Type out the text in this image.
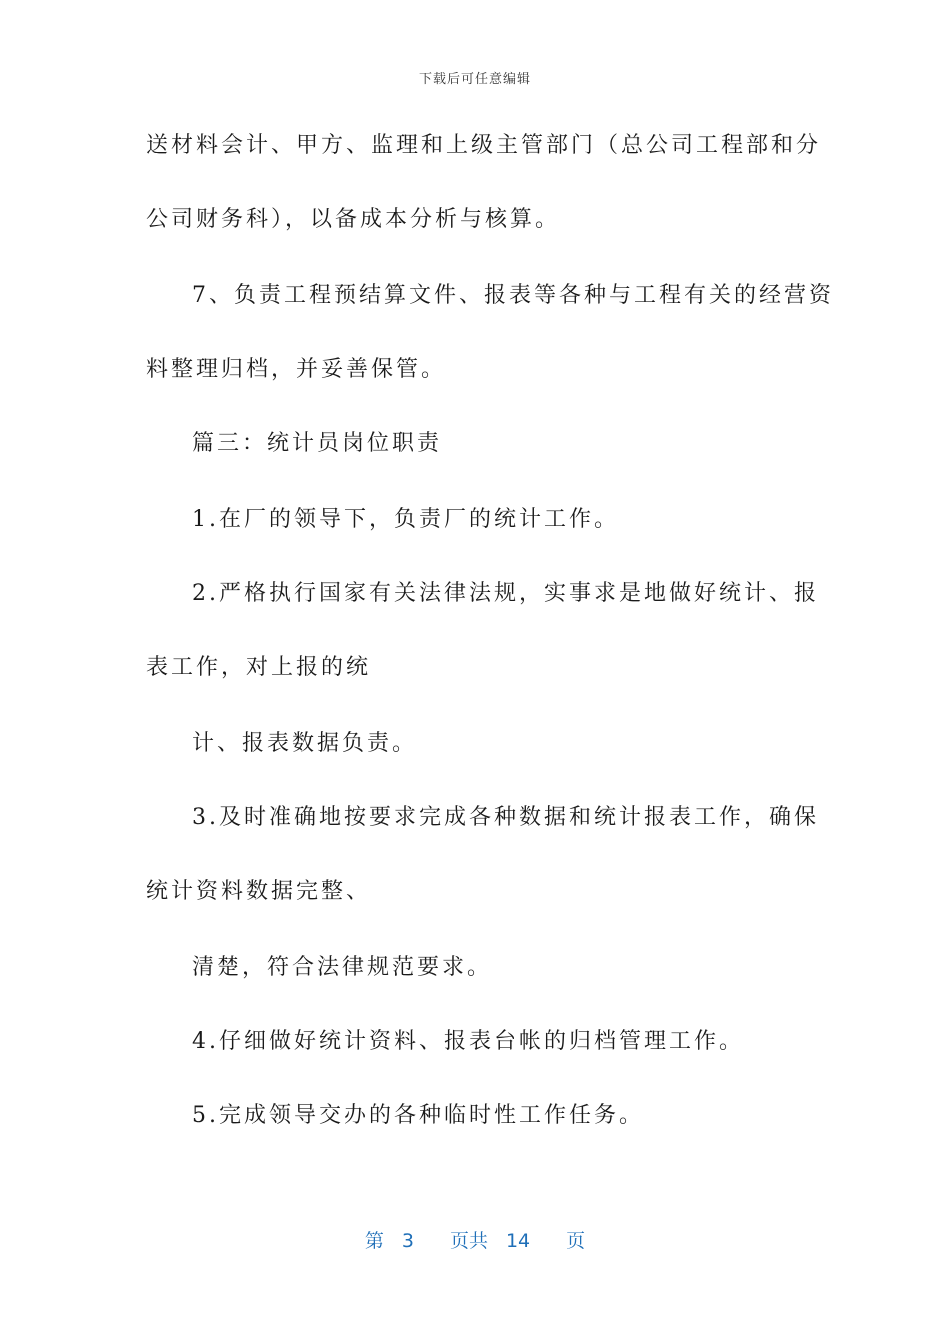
下载后可任意编辑
送材料会计、甲方、监理和上级主管部门（总公司工程部和分
公司财务科），以备成本分析与核算。
7、负责工程预结算文件、报表等各种与工程有关的经营资
料整理归档，并妥善保管。
篇三：统计员岗位职责
1.在厂的领导下，负责厂的统计工作。
2.严格执行国家有关法律法规，实事求是地做好统计、报
表工作，对上报的统
计、报表数据负责。
3.及时准确地按要求完成各种数据和统计报表工作，确保
统计资料数据完整、
清楚，符合法律规范要求。
4.仔细做好统计资料、报表台帐的归档管理工作。
5.完成领导交办的各种临时性工作任务。
第 3 页共 14 页
